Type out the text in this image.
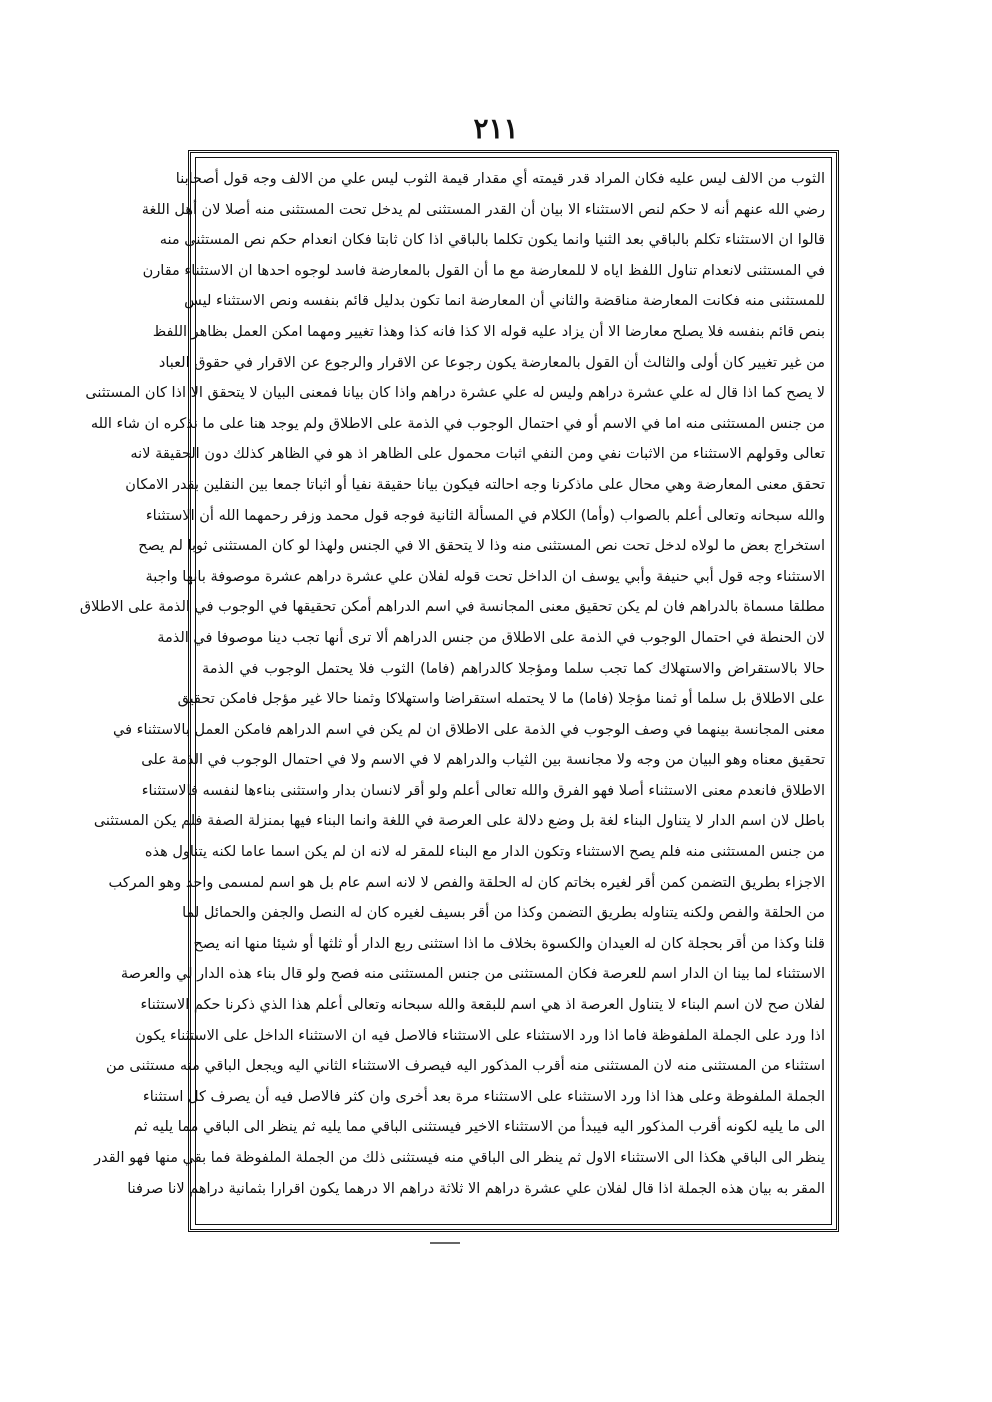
٢١١
الثوب من الالف ليس عليه فكان المراد قدر قيمته أي مقدار قيمة الثوب ليس علي من الالف وجه قول أصحابنا
رضي الله عنهم أنه لا حكم لنص الاستثناء الا بيان أن القدر المستثنى لم يدخل تحت المستثنى منه أصلا لان أهل اللغة
قالوا ان الاستثناء تكلم بالباقي بعد الثنيا وانما يكون تكلما بالباقي اذا كان ثابتا فكان انعدام حكم نص المستثنى منه
في المستثنى لانعدام تناول اللفظ اياه لا للمعارضة مع ما أن القول بالمعارضة فاسد لوجوه احدها ان الاستثناء مقارن
للمستثنى منه فكانت المعارضة مناقضة والثاني أن المعارضة انما تكون بدليل قائم بنفسه ونص الاستثناء ليس
بنص قائم بنفسه فلا يصلح معارضا الا أن يزاد عليه قوله الا كذا فانه كذا وهذا تغيير ومهما امكن العمل بظاهر اللفظ
من غير تغيير كان أولى والثالث أن القول بالمعارضة يكون رجوعا عن الاقرار والرجوع عن الاقرار في حقوق العباد
لا يصح كما اذا قال له علي عشرة دراهم وليس له علي عشرة دراهم واذا كان بيانا فمعنى البيان لا يتحقق الا اذا كان المستثنى
من جنس المستثنى منه اما في الاسم أو في احتمال الوجوب في الذمة على الاطلاق ولم يوجد هنا على ما نذكره ان شاء الله
تعالى وقولهم الاستثناء من الاثبات نفي ومن النفي اثبات محمول على الظاهر اذ هو في الظاهر كذلك دون الحقيقة لانه
تحقق معنى المعارضة وهي محال على ماذكرنا وجه احالته فيكون بيانا حقيقة نفيا أو اثباتا جمعا بين النقلين بقدر الامكان
والله سبحانه وتعالى أعلم بالصواب (وأما) الكلام في المسألة الثانية فوجه قول محمد وزفر رحمهما الله أن الاستثناء
استخراج بعض ما لولاه لدخل تحت نص المستثنى منه وذا لا يتحقق الا في الجنس ولهذا لو كان المستثنى ثوبا لم يصح
الاستثناء وجه قول أبي حنيفة وأبي يوسف ان الداخل تحت قوله لفلان علي عشرة دراهم عشرة موصوفة بانها واجبة
مطلقا مسماة بالدراهم فان لم يكن تحقيق معنى المجانسة في اسم الدراهم أمكن تحقيقها في الوجوب في الذمة على الاطلاق
لان الحنطة في احتمال الوجوب في الذمة على الاطلاق من جنس الدراهم ألا ترى أنها تجب دينا موصوفا في الذمة
حالا بالاستقراض والاستهلاك كما تجب سلما ومؤجلا كالدراهم (فاما) الثوب فلا يحتمل الوجوب في الذمة
على الاطلاق بل سلما أو ثمنا مؤجلا (فاما) ما لا يحتمله استقراضا واستهلاكا وثمنا حالا غير مؤجل فامكن تحقيق
معنى المجانسة بينهما في وصف الوجوب في الذمة على الاطلاق ان لم يكن في اسم الدراهم فامكن العمل بالاستثناء في
تحقيق معناه وهو البيان من وجه ولا مجانسة بين الثياب والدراهم لا في الاسم ولا في احتمال الوجوب في الذمة على
الاطلاق فانعدم معنى الاستثناء أصلا فهو الفرق والله تعالى أعلم ولو أقر لانسان بدار واستثنى بناءها لنفسه فالاستثناء
باطل لان اسم الدار لا يتناول البناء لغة بل وضع دلالة على العرصة في اللغة وانما البناء فيها بمنزلة الصفة فلم يكن المستثنى
من جنس المستثنى منه فلم يصح الاستثناء وتكون الدار مع البناء للمقر له لانه ان لم يكن اسما عاما لكنه يتناول هذه
الاجزاء بطريق التضمن كمن أقر لغيره بخاتم كان له الحلقة والفص لا لانه اسم عام بل هو اسم لمسمى واحد وهو المركب
من الحلقة والفص ولكنه يتناوله بطريق التضمن وكذا من أقر بسيف لغيره كان له النصل والجفن والحمائل لما
قلنا وكذا من أقر بحجلة كان له العيدان والكسوة بخلاف ما اذا استثنى ربع الدار أو ثلثها أو شيئا منها انه يصح
الاستثناء لما بينا ان الدار اسم للعرصة فكان المستثنى من جنس المستثنى منه فصح ولو قال بناء هذه الدار لي والعرصة
لفلان صح لان اسم البناء لا يتناول العرصة اذ هي اسم للبقعة والله سبحانه وتعالى أعلم هذا الذي ذكرنا حكم الاستثناء
اذا ورد على الجملة الملفوظة فاما اذا ورد الاستثناء على الاستثناء فالاصل فيه ان الاستثناء الداخل على الاستثناء يكون
استثناء من المستثنى منه لان المستثنى منه أقرب المذكور اليه فيصرف الاستثناء الثاني اليه ويجعل الباقي منه مستثنى من
الجملة الملفوظة وعلى هذا اذا ورد الاستثناء على الاستثناء مرة بعد أخرى وان كثر فالاصل فيه أن يصرف كل استثناء
الى ما يليه لكونه أقرب المذكور اليه فيبدأ من الاستثناء الاخير فيستثنى الباقي مما يليه ثم ينظر الى الباقي مما يليه ثم
ينظر الى الباقي هكذا الى الاستثناء الاول ثم ينظر الى الباقي منه فيستثنى ذلك من الجملة الملفوظة فما بقي منها فهو القدر
المقر به بيان هذه الجملة اذا قال لفلان علي عشرة دراهم الا ثلاثة دراهم الا درهما يكون اقرارا بثمانية دراهم لانا صرفنا
